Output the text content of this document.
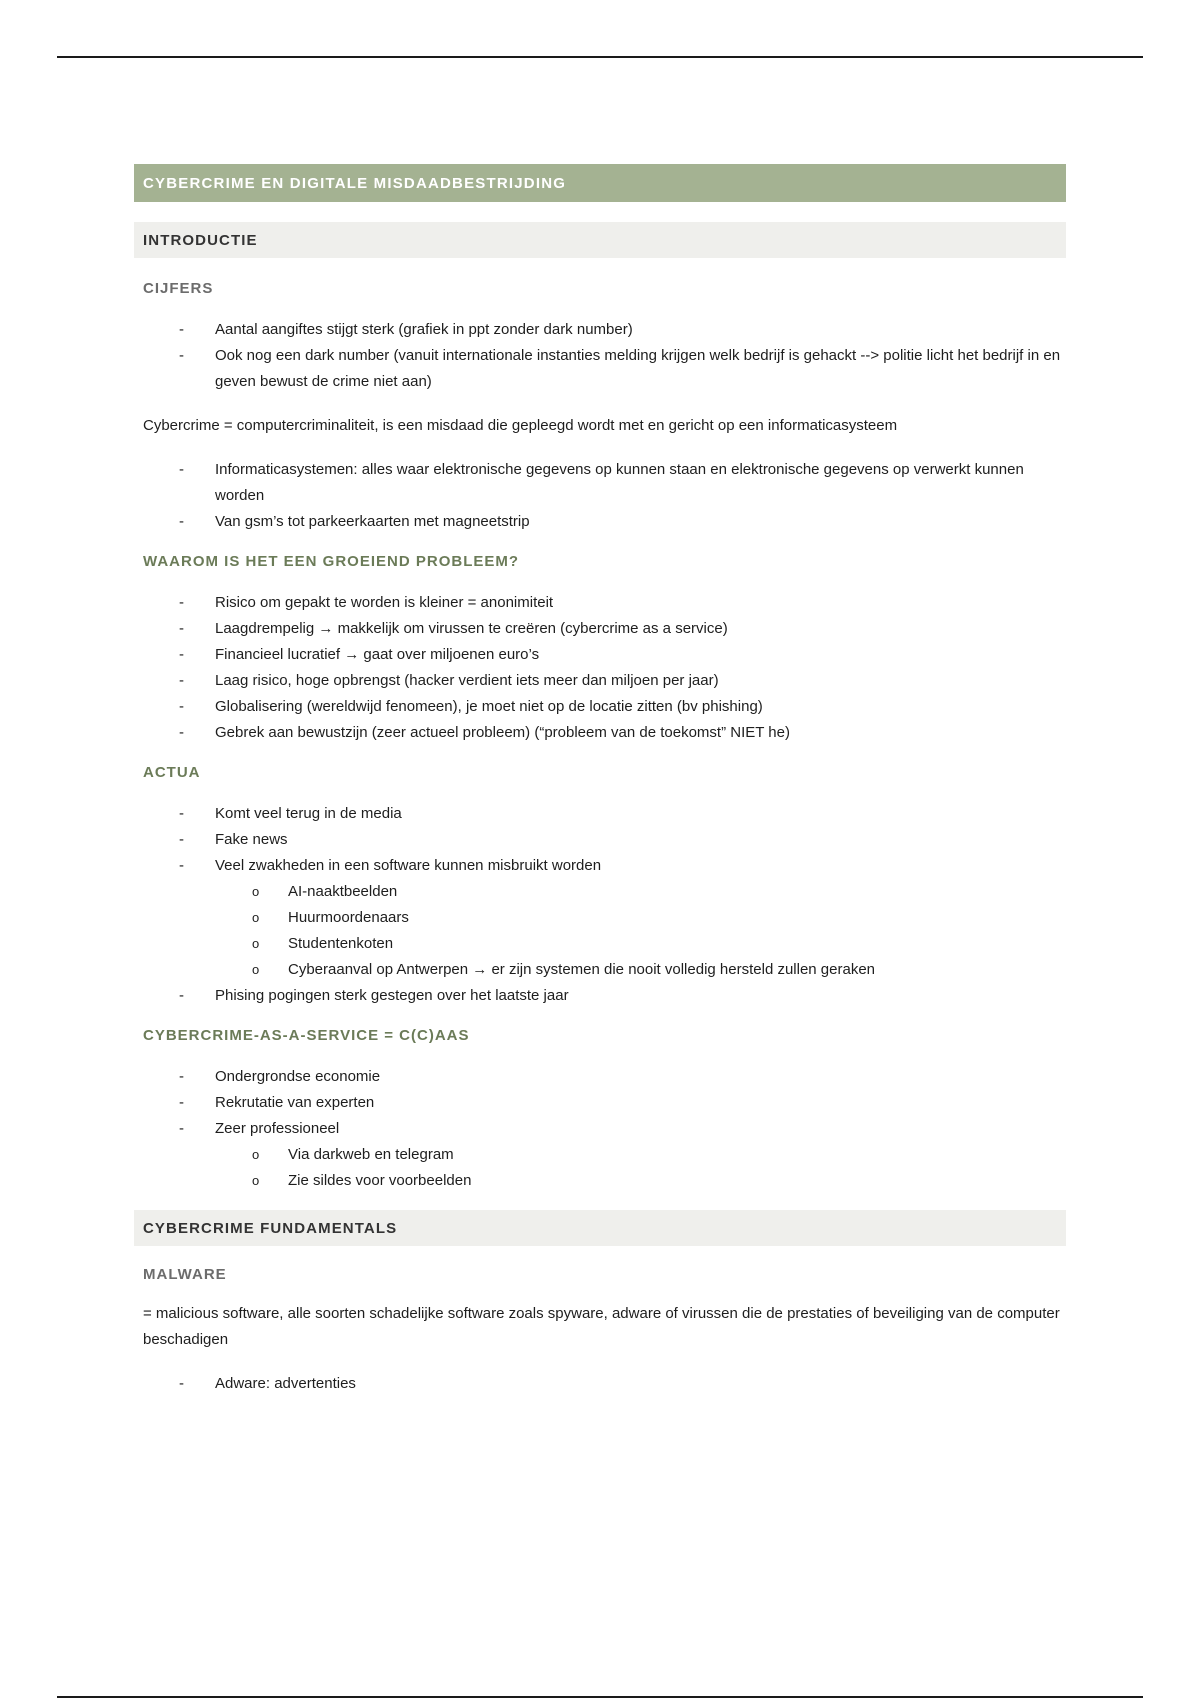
CYBERCRIME EN DIGITALE MISDAADBESTRIJDING
INTRODUCTIE
CIJFERS
- Aantal aangiftes stijgt sterk (grafiek in ppt zonder dark number)
- Ook nog een dark number (vanuit internationale instanties melding krijgen welk bedrijf is gehackt --> politie licht het bedrijf in en geven bewust de crime niet aan)
Cybercrime = computercriminaliteit, is een misdaad die gepleegd wordt met en gericht op een informaticasysteem
- Informaticasystemen: alles waar elektronische gegevens op kunnen staan en elektronische gegevens op verwerkt kunnen worden
- Van gsm’s tot parkeerkaarten met magneetstrip
WAAROM IS HET EEN GROEIEND PROBLEEM?
- Risico om gepakt te worden is kleiner = anonimiteit
- Laagdrempelig → makkelijk om virussen te creëren (cybercrime as a service)
- Financieel lucratief → gaat over miljoenen euro’s
- Laag risico, hoge opbrengst (hacker verdient iets meer dan miljoen per jaar)
- Globalisering (wereldwijd fenomeen), je moet niet op de locatie zitten (bv phishing)
- Gebrek aan bewustzijn (zeer actueel probleem) (“probleem van de toekomst” NIET he)
ACTUA
- Komt veel terug in de media
- Fake news
- Veel zwakheden in een software kunnen misbruikt worden
o AI-naaktbeelden
o Huurmoordenaars
o Studentenkoten
o Cyberaanval op Antwerpen → er zijn systemen die nooit volledig hersteld zullen geraken
- Phising pogingen sterk gestegen over het laatste jaar
CYBERCRIME-AS-A-SERVICE = C(C)AAS
- Ondergrondse economie
- Rekrutatie van experten
- Zeer professioneel
o Via darkweb en telegram
o Zie sildes voor voorbeelden
CYBERCRIME FUNDAMENTALS
MALWARE
= malicious software, alle soorten schadelijke software zoals spyware, adware of virussen die de prestaties of beveiliging van de computer beschadigen
- Adware: advertenties
